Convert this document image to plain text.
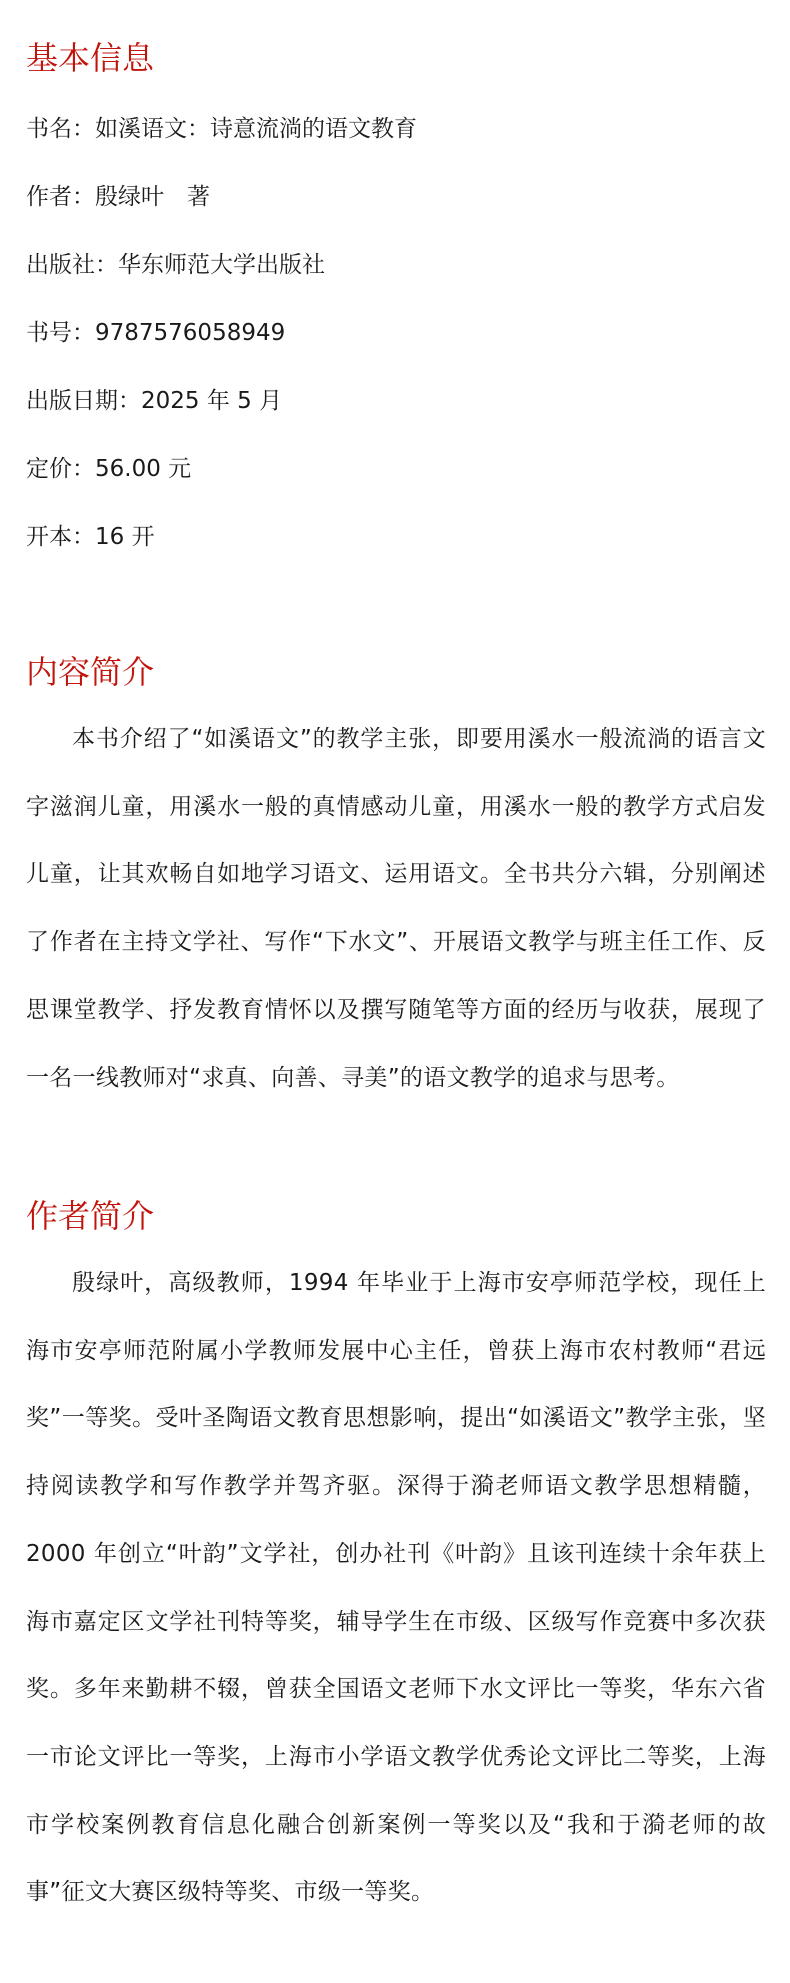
基本信息

书名：如溪语文：诗意流淌的语文教育

作者：殷绿叶　著

出版社：华东师范大学出版社

书号：9787576058949

出版日期：2025 年 5 月

定价：56.00 元

开本：16 开

内容简介

本书介绍了“如溪语文”的教学主张，即要用溪水一般流淌的语言文字滋润儿童，用溪水一般的真情感动儿童，用溪水一般的教学方式启发儿童，让其欢畅自如地学习语文、运用语文。全书共分六辑，分别阐述了作者在主持文学社、写作“下水文”、开展语文教学与班主任工作、反思课堂教学、抒发教育情怀以及撰写随笔等方面的经历与收获，展现了一名一线教师对“求真、向善、寻美”的语文教学的追求与思考。

作者简介

殷绿叶，高级教师，1994 年毕业于上海市安亭师范学校，现任上海市安亭师范附属小学教师发展中心主任，曾获上海市农村教师“君远奖”一等奖。受叶圣陶语文教育思想影响，提出“如溪语文”教学主张，坚持阅读教学和写作教学并驾齐驱。深得于漪老师语文教学思想精髓，2000 年创立“叶韵”文学社，创办社刊《叶韵》且该刊连续十余年获上海市嘉定区文学社刊特等奖，辅导学生在市级、区级写作竞赛中多次获奖。多年来勤耕不辍，曾获全国语文老师下水文评比一等奖，华东六省一市论文评比一等奖，上海市小学语文教学优秀论文评比二等奖，上海市学校案例教育信息化融合创新案例一等奖以及“我和于漪老师的故事”征文大赛区级特等奖、市级一等奖。
